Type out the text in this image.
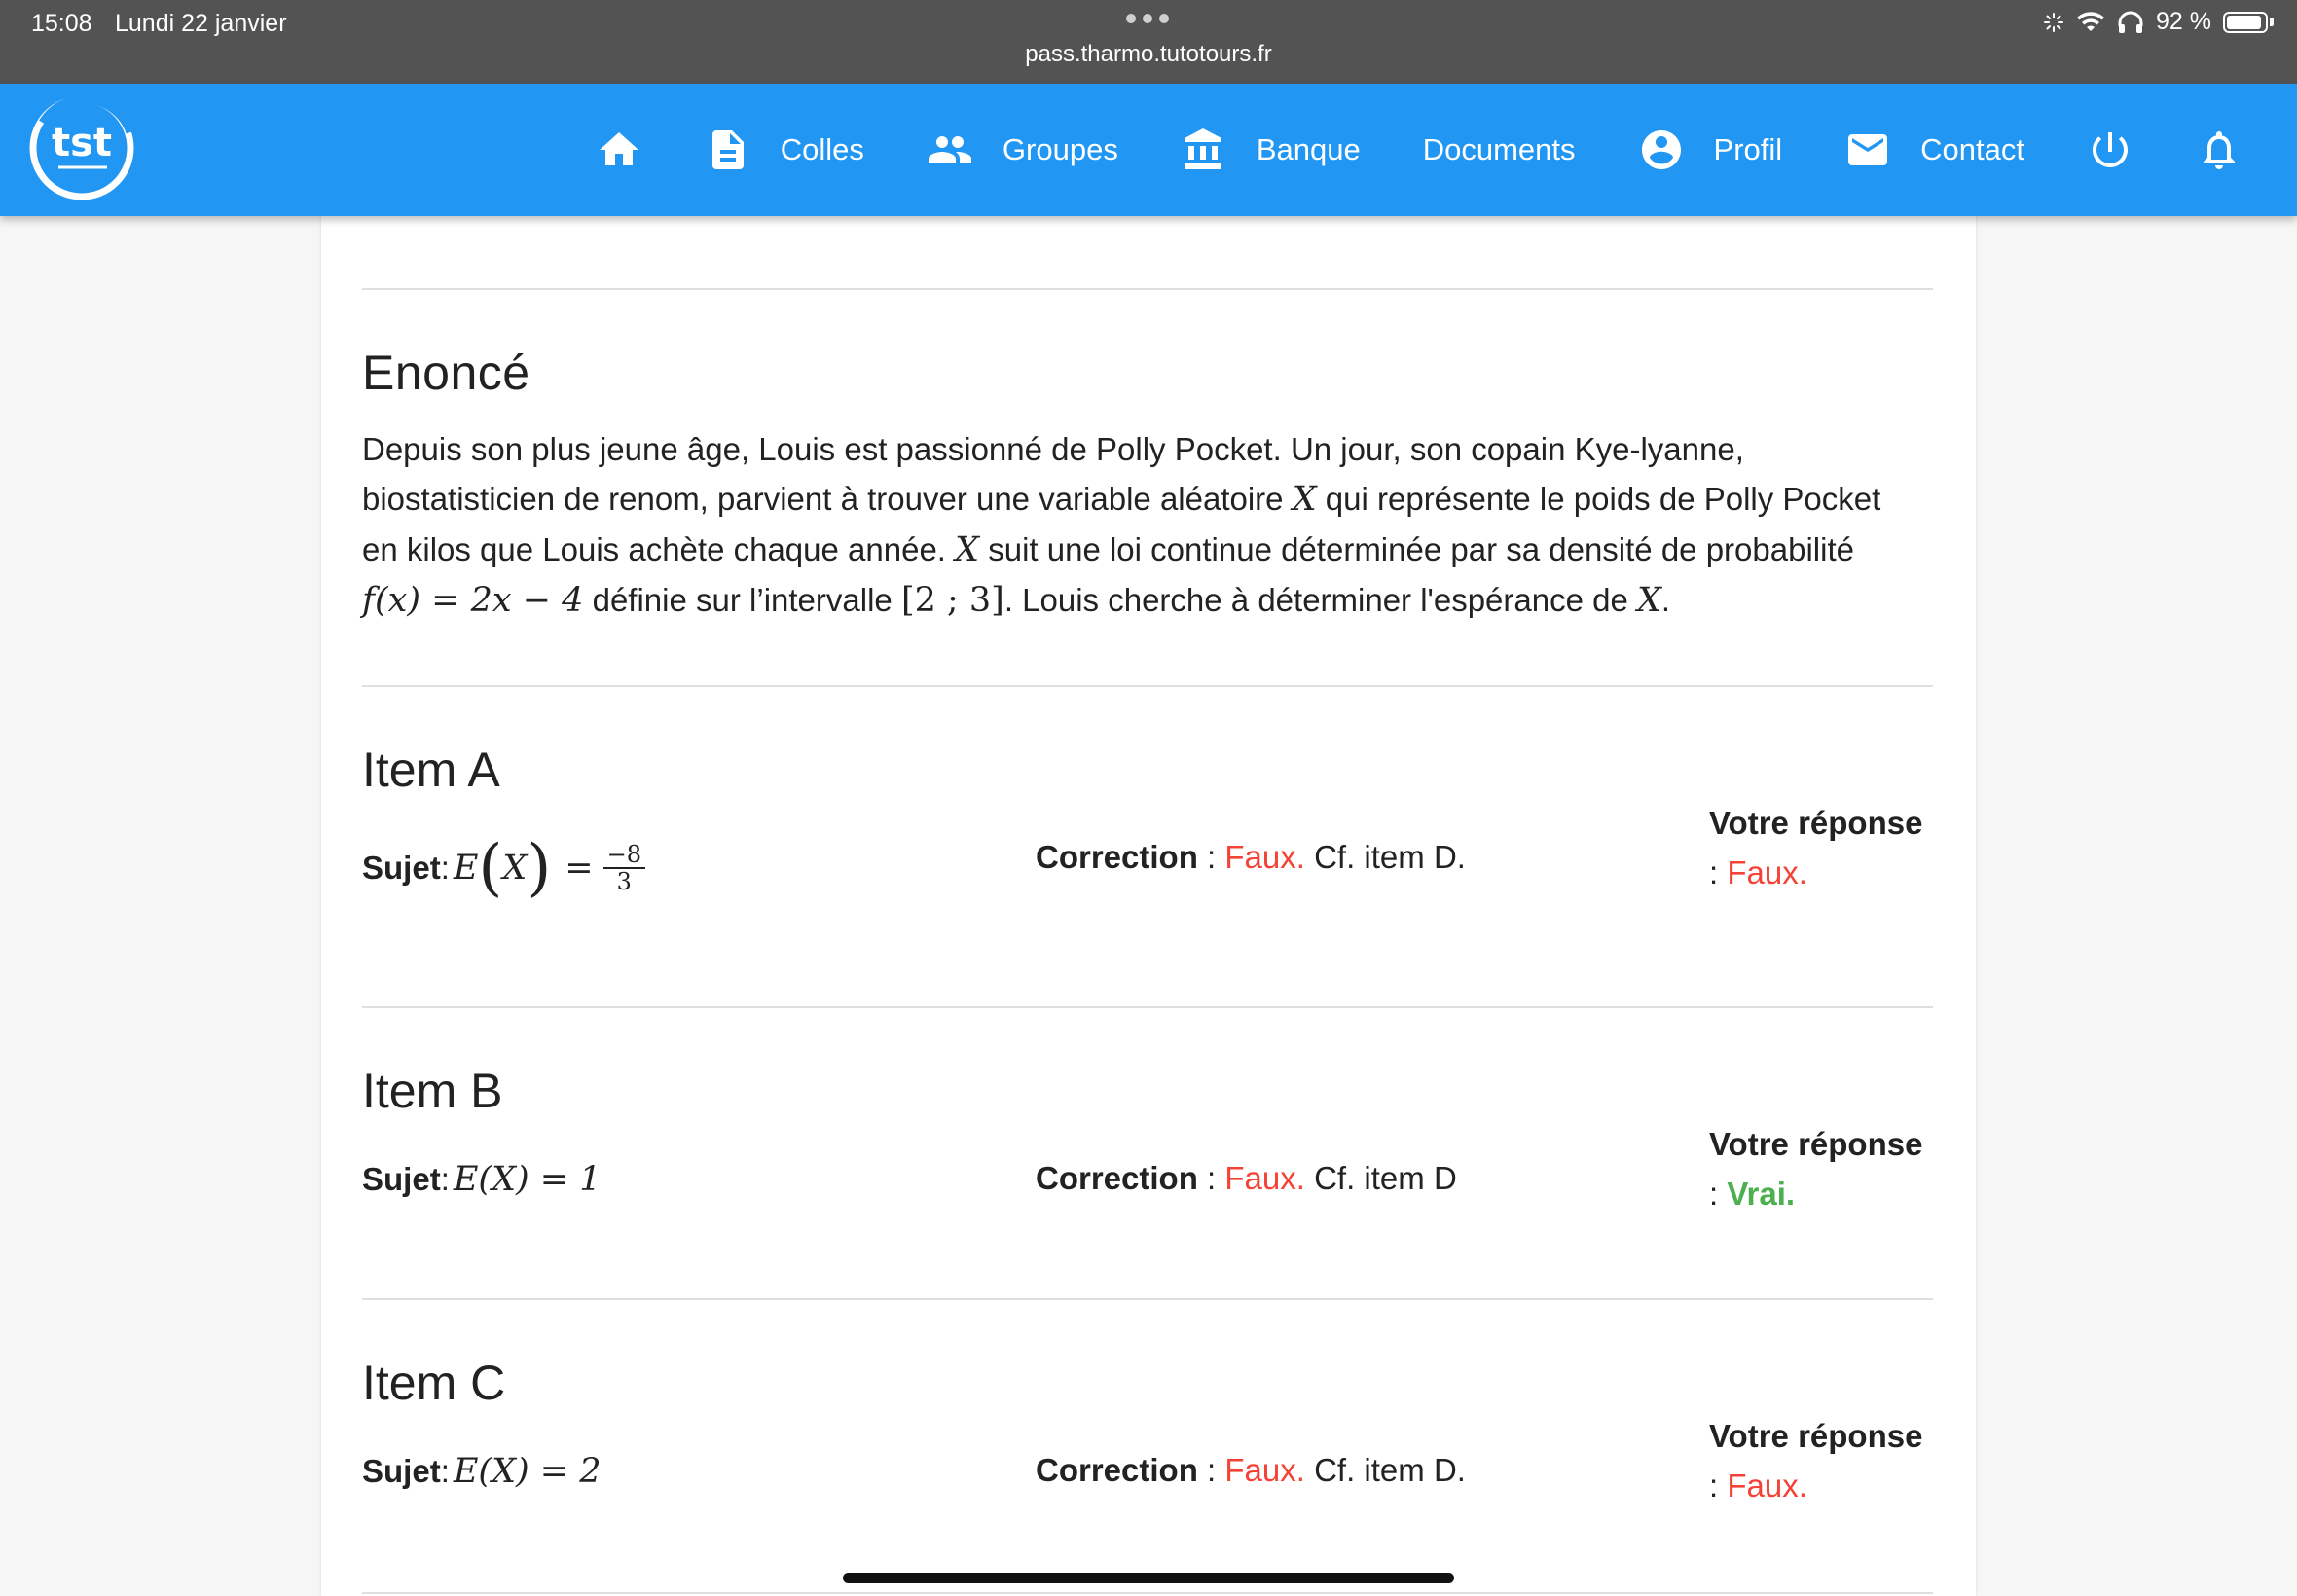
15:08 Lundi 22 janvier
pass.tharmo.tutotours.fr
92 %
tst	Colles	Groupes	Banque Documents	Profil	Contact
Enoncé

Depuis son plus jeune âge, Louis est passionné de Polly Pocket. Un jour, son copain Kye-lyanne,
biostatisticien de renom, parvient à trouver une variable aléatoire X qui représente le poids de Polly Pocket
en kilos que Louis achète chaque année. X suit une loi continue déterminée par sa densité de probabilité
f(x) = 2x − 4 définie sur l’intervalle [2 ; 3]. Louis cherche à déterminer l'espérance de X.

Item A
Sujet : E ( X ) = $\frac{-8}{3}$	Correction : Faux. Cf. item D.
Votre réponse
: Faux.
Item B
Sujet : E(X) = 1	Correction : Faux. Cf. item D
Votre réponse
: Vrai.
Item C
Sujet : E(X) = 2	Correction : Faux. Cf. item D.
Votre réponse
: Faux.
